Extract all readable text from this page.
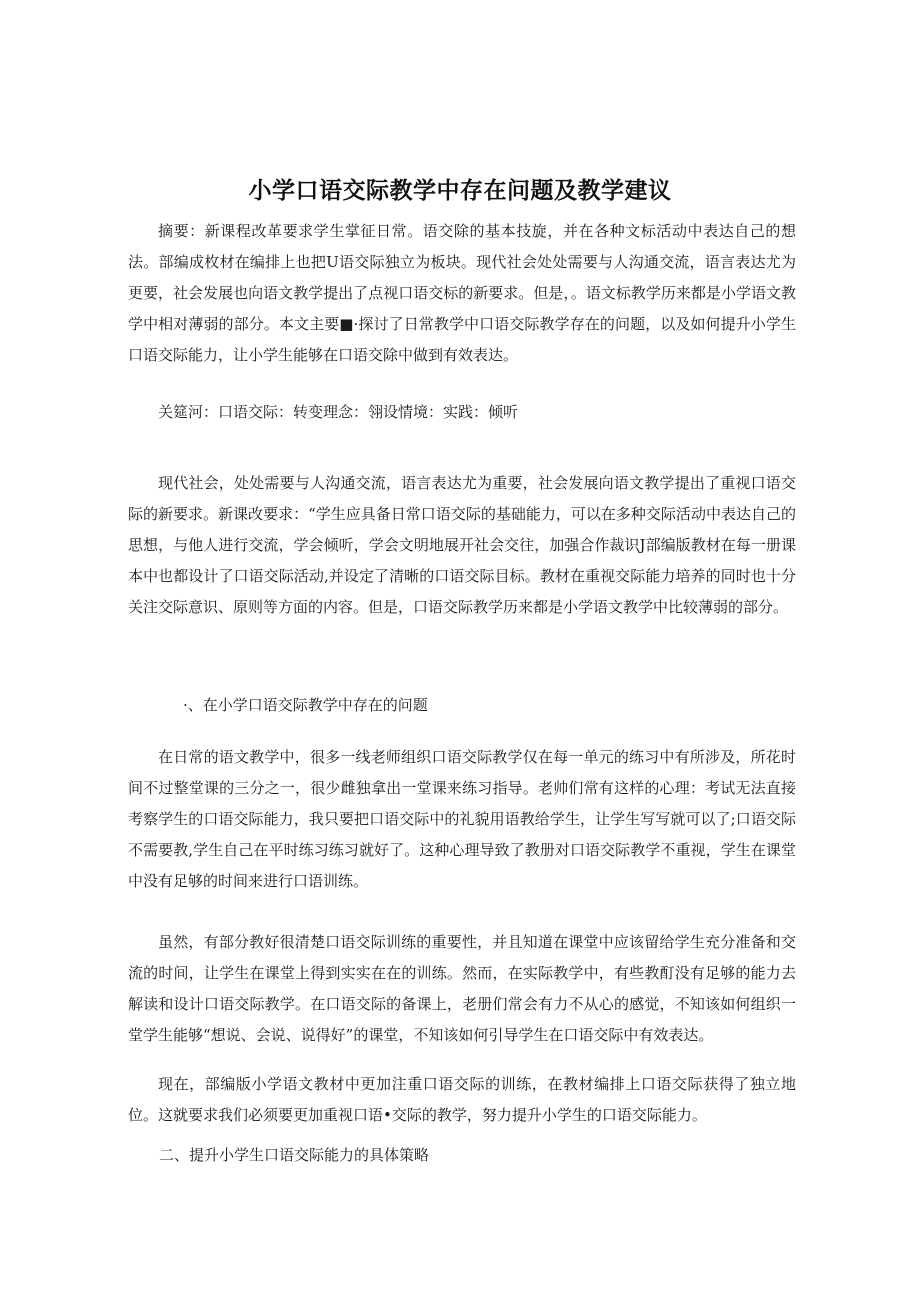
小学口语交际教学中存在问题及教学建议

摘要：新课程改革要求学生掌征日常。语交除的基本技旋，并在各种文标活动中表达自己的想法。部编成枚材在编排上也把U语交际独立为板块。现代社会处处需要与人沟通交流，语言表达尤为更要，社会发展也向语文教学提出了点视口语交标的新要求。但是，。语文标教学历来都是小学语文教学中相对薄弱的部分。本文主要■·探讨了日常教学中口语交际教学存在的问题，以及如何提升小学生口语交际能力，让小学生能够在口语交除中做到有效表达。

关筵河：口语交际：转变理念：翎设情境：实践：倾听

现代社会，处处需要与人沟通交流，语言表达尤为重要，社会发展向语文教学提出了重视口语交际的新要求。新课改要求：“学生应具备日常口语交际的基础能力，可以在多种交际活动中表达自己的思想，与他人进行交流，学会倾听，学会文明地展开社会交往，加强合作裁识J部编版教材在每一册课本中也都设计了口语交际活动,并设定了清晰的口语交际目标。教材在重视交际能力培养的同时也十分关注交际意识、原则等方面的内容。但是，口语交际教学历来都是小学语文教学中比较薄弱的部分。

·、在小学口语交际教学中存在的问题

在日常的语文教学中，很多一线老师组织口语交际教学仅在每一单元的练习中有所涉及，所花时间不过整堂课的三分之一，很少雌独拿出一堂课来练习指导。老帅们常有这样的心理：考试无法直接考察学生的口语交际能力，我只要把口语交际中的礼貌用语教给学生，让学生写写就可以了;口语交际不需要教,学生自己在平时练习练习就好了。这种心理导致了教册对口语交际教学不重视，学生在课堂中没有足够的时间来进行口语训练。

虽然，有部分教好很清楚口语交际训练的重要性，并且知道在课堂中应该留给学生充分准备和交流的时间，让学生在课堂上得到实实在在的训练。然而，在实际教学中，有些教酊没有足够的能力去解读和设计口语交际教学。在口语交际的备课上，老册们常会有力不从心的感觉，不知该如何组织一堂学生能够“想说、会说、说得好”的课堂，不知该如何引导学生在口语交际中有效表达。

现在，部编版小学语文教材中更加注重口语交际的训练，在教材编排上口语交际获得了独立地位。这就要求我们必须要更加重视口语•交际的教学，努力提升小学生的口语交际能力。

二、提升小学生口语交际能力的具体策略
